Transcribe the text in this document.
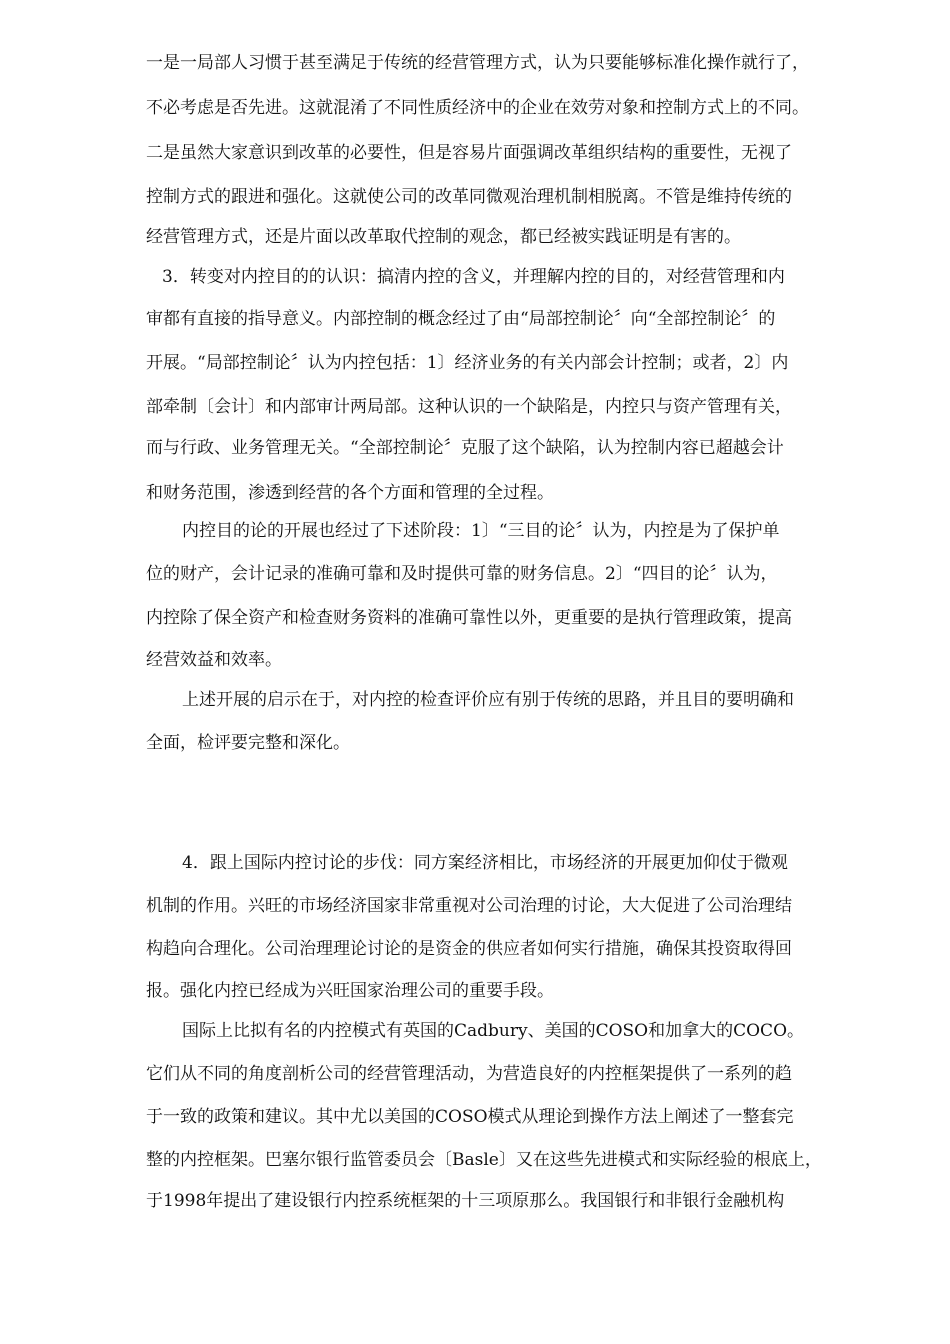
一是一局部人习惯于甚至满足于传统的经营管理方式，认为只要能够标准化操作就行了，
不必考虑是否先进。这就混淆了不同性质经济中的企业在效劳对象和控制方式上的不同。
二是虽然大家意识到改革的必要性，但是容易片面强调改革组织结构的重要性，无视了
控制方式的跟进和强化。这就使公司的改革同微观治理机制相脱离。不管是维持传统的
经营管理方式，还是片面以改革取代控制的观念，都已经被实践证明是有害的。
3．转变对内控目的的认识：搞清内控的含义，并理解内控的目的，对经营管理和内
审都有直接的指导意义。内部控制的概念经过了由“局部控制论〞向“全部控制论〞的
开展。“局部控制论〞认为内控包括：1〕经济业务的有关内部会计控制；或者，2〕内
部牵制〔会计〕和内部审计两局部。这种认识的一个缺陷是，内控只与资产管理有关，
而与行政、业务管理无关。“全部控制论〞克服了这个缺陷，认为控制内容已超越会计
和财务范围，渗透到经营的各个方面和管理的全过程。
内控目的论的开展也经过了下述阶段：1〕“三目的论〞认为，内控是为了保护单
位的财产，会计记录的准确可靠和及时提供可靠的财务信息。2〕“四目的论〞认为，
内控除了保全资产和检查财务资料的准确可靠性以外，更重要的是执行管理政策，提高
经营效益和效率。
上述开展的启示在于，对内控的检查评价应有别于传统的思路，并且目的要明确和
全面，检评要完整和深化。
4．跟上国际内控讨论的步伐：同方案经济相比，市场经济的开展更加仰仗于微观
机制的作用。兴旺的市场经济国家非常重视对公司治理的讨论，大大促进了公司治理结
构趋向合理化。公司治理理论讨论的是资金的供应者如何实行措施，确保其投资取得回
报。强化内控已经成为兴旺国家治理公司的重要手段。
国际上比拟有名的内控模式有英国的Cadbury、美国的COSO和加拿大的COCO。
它们从不同的角度剖析公司的经营管理活动，为营造良好的内控框架提供了一系列的趋
于一致的政策和建议。其中尤以美国的COSO模式从理论到操作方法上阐述了一整套完
整的内控框架。巴塞尔银行监管委员会〔Basle〕又在这些先进模式和实际经验的根底上，
于1998年提出了建设银行内控系统框架的十三项原那么。我国银行和非银行金融机构
